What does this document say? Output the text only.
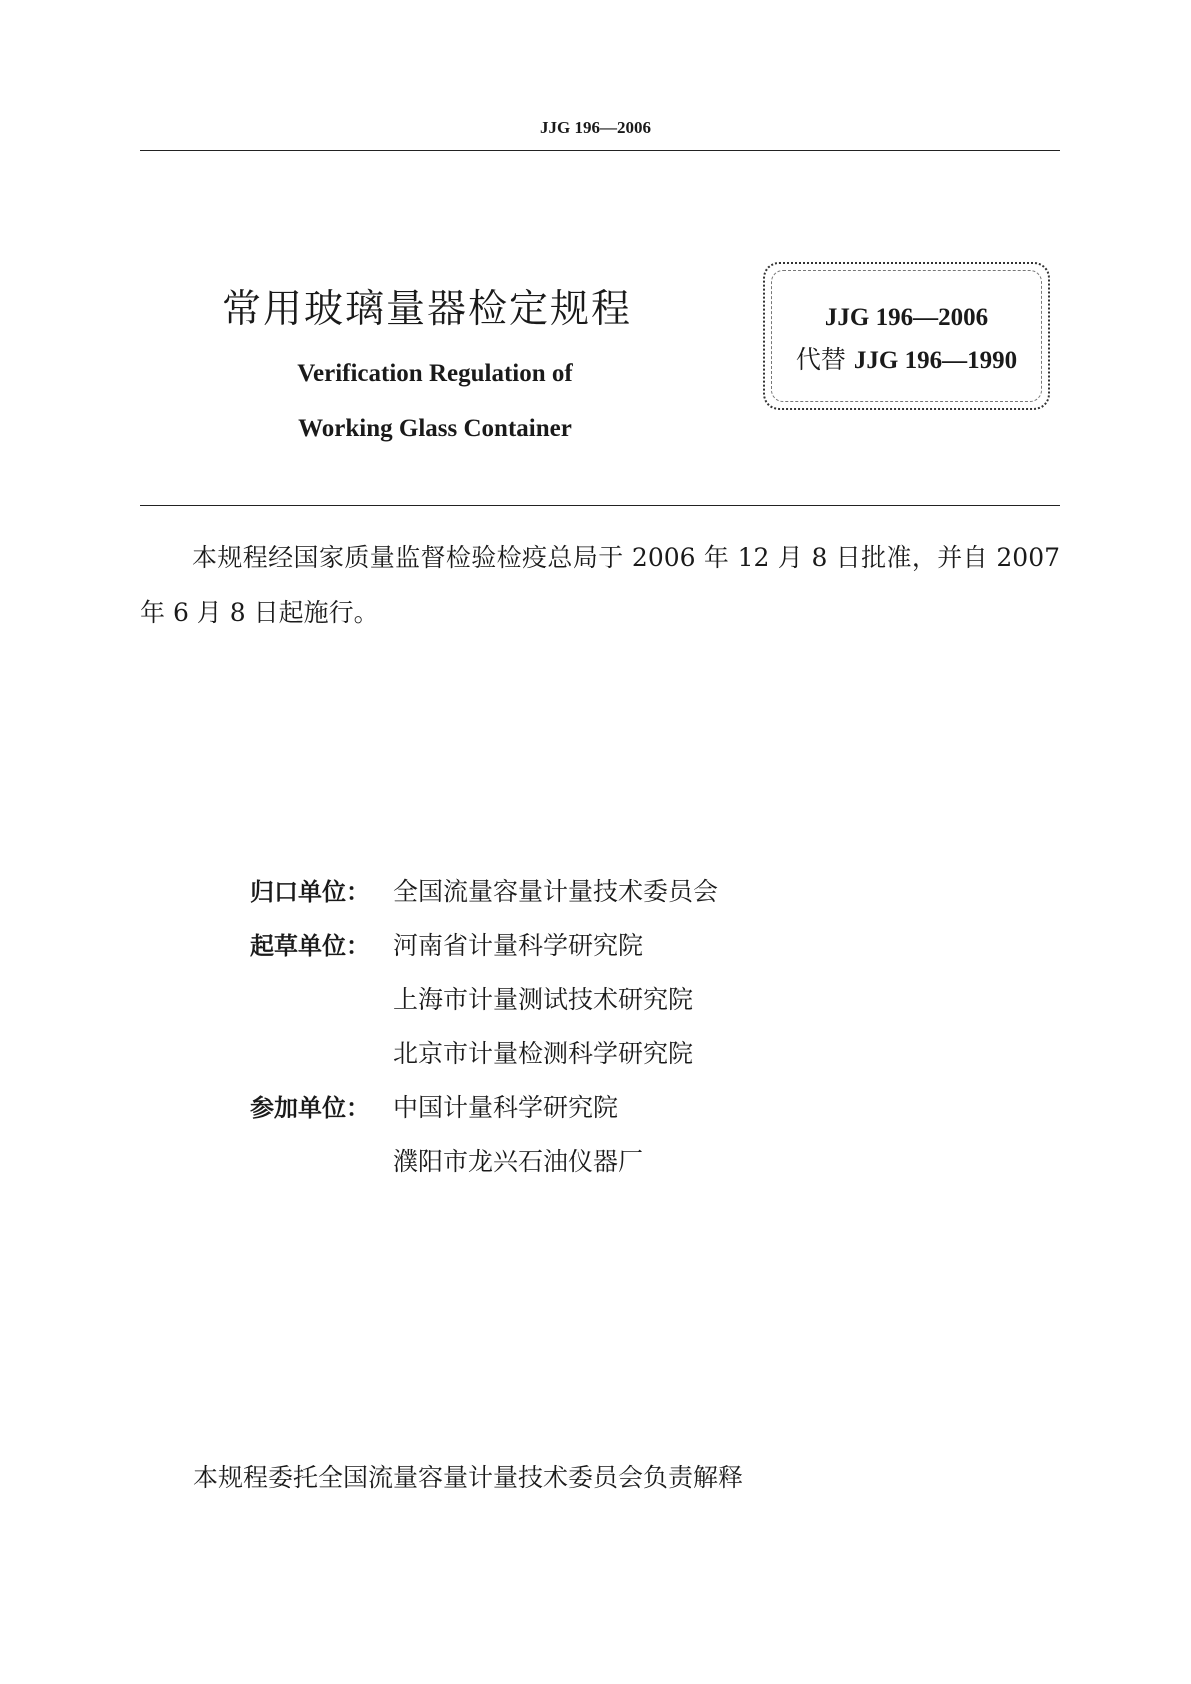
JJG 196—2006
常用玻璃量器检定规程
Verification Regulation of
Working Glass Container
JJG 196—2006
代替 JJG 196—1990
本规程经国家质量监督检验检疫总局于 2006 年 12 月 8 日批准，并自 2007 年 6 月 8 日起施行。
归口单位： 全国流量容量计量技术委员会
起草单位： 河南省计量科学研究院
上海市计量测试技术研究院
北京市计量检测科学研究院
参加单位： 中国计量科学研究院
濮阳市龙兴石油仪器厂
本规程委托全国流量容量计量技术委员会负责解释
